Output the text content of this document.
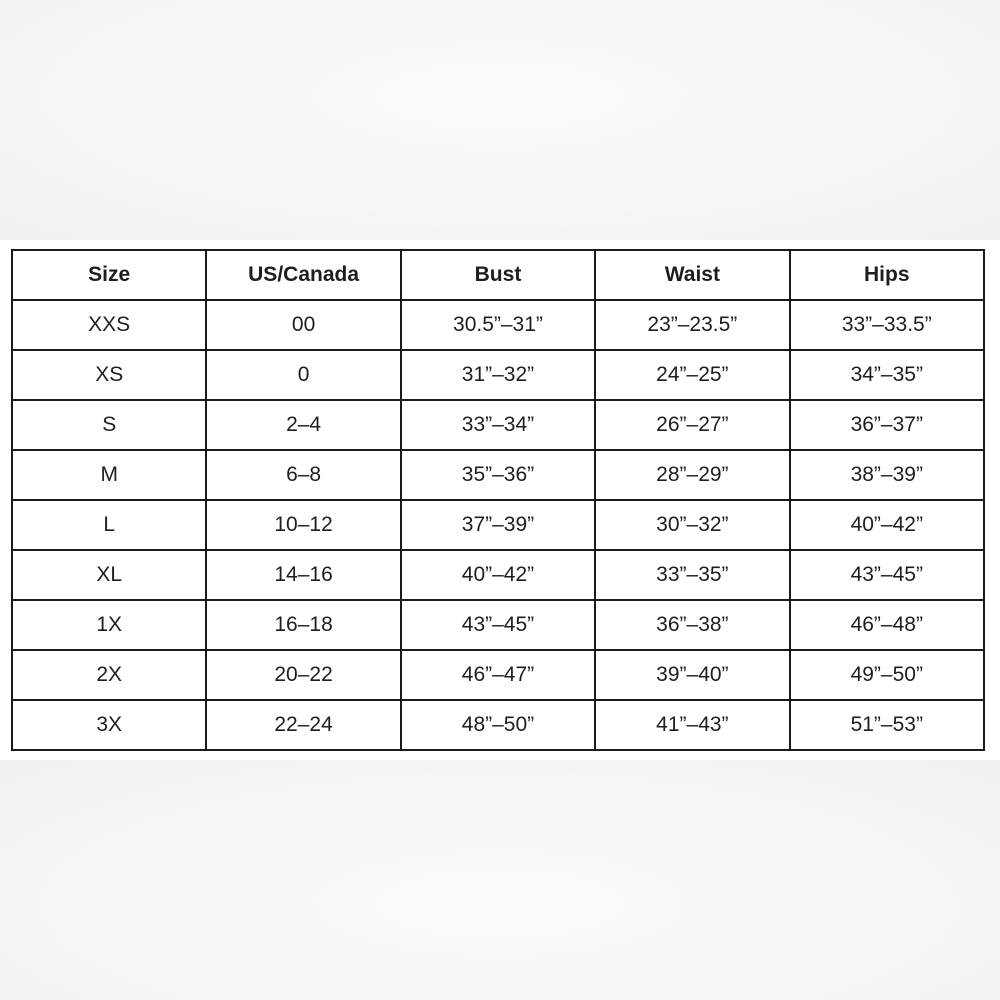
Size	US/Canada	Bust	Waist	Hips
XXS	00	30.5”–31”	23”–23.5”	33”–33.5”
XS	0	31”–32”	24”–25”	34”–35”
S	2–4	33”–34”	26”–27”	36”–37”
M	6–8	35”–36”	28”–29”	38”–39”
L	10–12	37”–39”	30”–32”	40”–42”
XL	14–16	40”–42”	33”–35”	43”–45”
1X	16–18	43”–45”	36”–38”	46”–48”
2X	20–22	46”–47”	39”–40”	49”–50”
3X	22–24	48”–50”	41”–43”	51”–53”
